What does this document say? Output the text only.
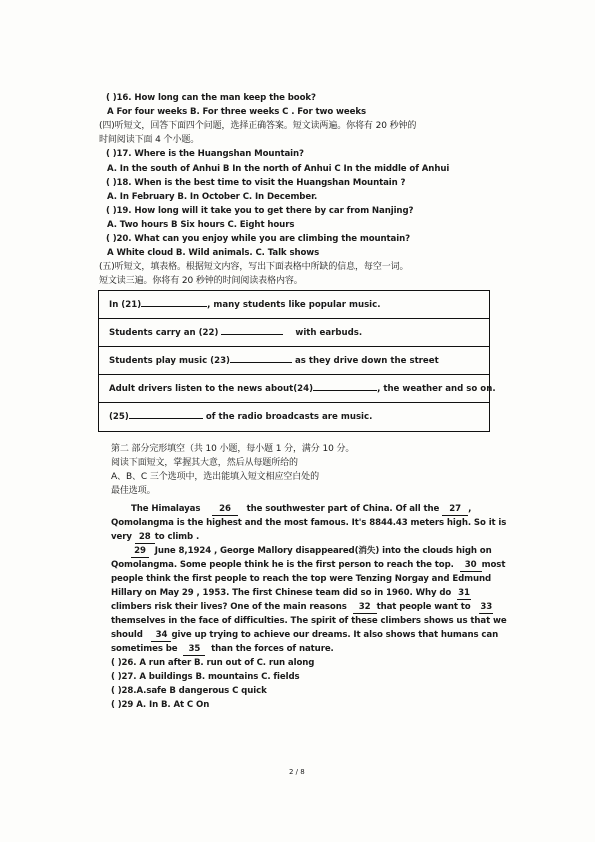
( )16. How long can the man keep the book?
A For four weeks B. For three weeks C . For two weeks
(四)听短文，回答下面四个问题，选择正确答案。短文读两遍。你将有 20 秒钟的
时间阅读下面 4 个小题。
( )17. Where is the Huangshan Mountain?
A. In the south of Anhui B In the north of Anhui C In the middle of Anhui
( )18. When is the best time to visit the Huangshan Mountain ?
A. In February B. In October C. In December.
( )19. How long will it take you to get there by car from Nanjing?
A. Two hours B Six hours C. Eight hours
( )20. What can you enjoy while you are climbing the mountain?
A White cloud B. Wild animals. C. Talk shows
(五)听短文，填表格。根据短文内容，写出下面表格中所缺的信息，每空一词。
短文读三遍。你将有 20 秒钟的时间阅读表格内容。
In (21)	, many students like popular music.
Students carry an (22)	with earbuds.
Students play music (23)	as they drive down the street
Adult drivers listen to the news about(24)	, the weather and so on.
(25)	of the radio broadcasts are music.
第二 部分完形填空（共 10 小题，每小题 1 分，满分 10 分。
阅读下面短文，掌握其大意，然后从每题所给的
A、B、C 三个选项中，选出能填入短文相应空白处的
最佳选项。
The Himalayas 26 the southwester part of China. Of all the 27 ,
Qomolangma is the highest and the most famous. It's 8844.43 meters high. So it is
very 28 to climb .
29 June 8,1924 , George Mallory disappeared(消失) into the clouds high on
Qomolangma. Some people think he is the first person to reach the top. 30 most
people think the first people to reach the top were Tenzing Norgay and Edmund
Hillary on May 29 , 1953. The first Chinese team did so in 1960. Why do 31
climbers risk their lives? One of the main reasons 32 that people want to 33
themselves in the face of difficulties. The spirit of these climbers shows us that we
should 34 give up trying to achieve our dreams. It also shows that humans can
sometimes be 35 than the forces of nature.
( )26. A run after B. run out of C. run along
( )27. A buildings B. mountains C. fields
( )28.A.safe B dangerous C quick
( )29 A. In B. At C On
2 / 8
